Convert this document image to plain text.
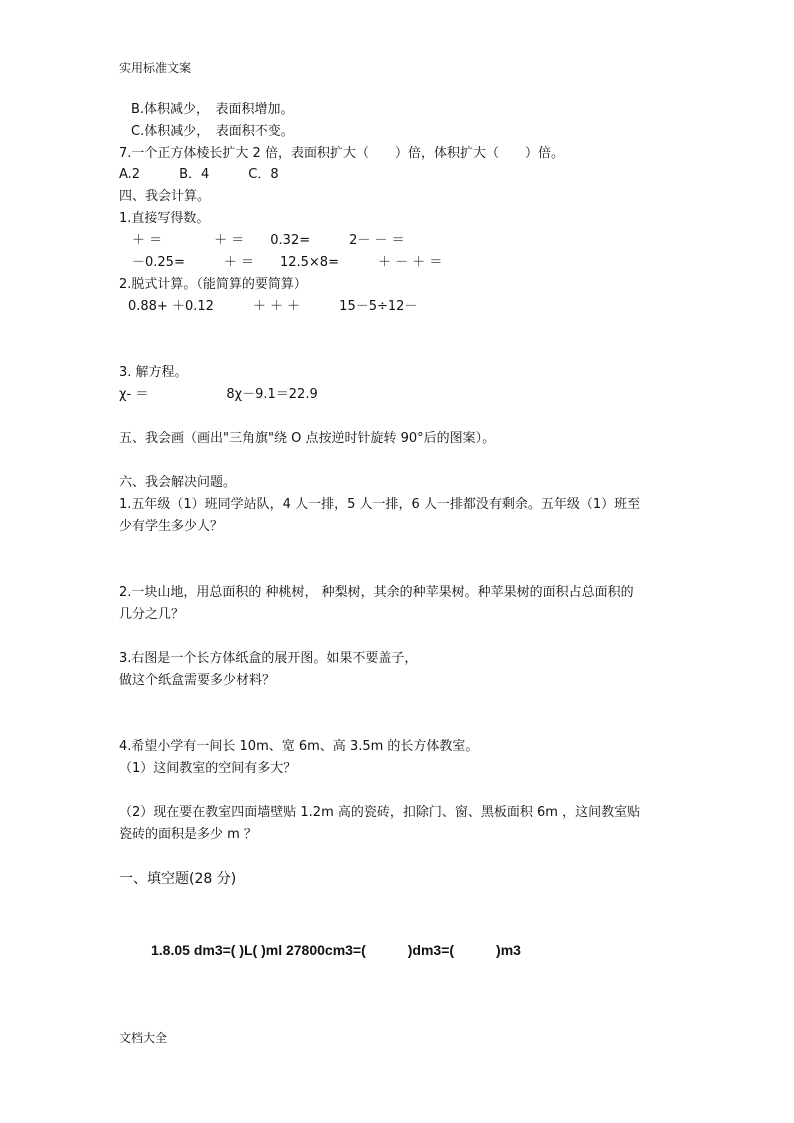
实用标准文案
B.体积减少，　表面积增加。
C.体积减少，　表面积不变。
7.一个正方体棱长扩大 2 倍，表面积扩大（　　）倍，体积扩大（　　）倍。
A.2　　　B．4　　　C．8
四、我会计算。
1.直接写得数。
　＋ ＝　　　　＋ ＝　　0.32=　　　2－ － ＝
　－0.25=　　　＋ ＝　　12.5×8=　　　＋ － ＋ ＝
2.脱式计算。（能简算的要简算）
0.88+ ＋0.12　　　＋ ＋ ＋　　　15－5÷12－
3. 解方程。
χ- ＝　　　　　　8χ－9.1＝22.9
五、我会画（画出"三角旗"绕 O 点按逆时针旋转 90°后的图案）。
六、我会解决问题。
1.五年级（1）班同学站队，4 人一排，5 人一排，6 人一排都没有剩余。五年级（1）班至
少有学生多少人？
2.一块山地，用总面积的 种桃树， 种梨树，其余的种苹果树。种苹果树的面积占总面积的
几分之几？
3.右图是一个长方体纸盒的展开图。如果不要盖子，
做这个纸盒需要多少材料？
4.希望小学有一间长 10m、宽 6m、高 3.5m 的长方体教室。
（1）这间教室的空间有多大？
（2）现在要在教室四面墙壁贴 1.2m 高的瓷砖，扣除门、窗、黑板面积 6m ，这间教室贴
瓷砖的面积是多少 m ？
一、填空题(28 分)
1.8.05 dm3=( )L( )ml 27800cm3=(　　　)dm3=(　　　)m3
文档大全
